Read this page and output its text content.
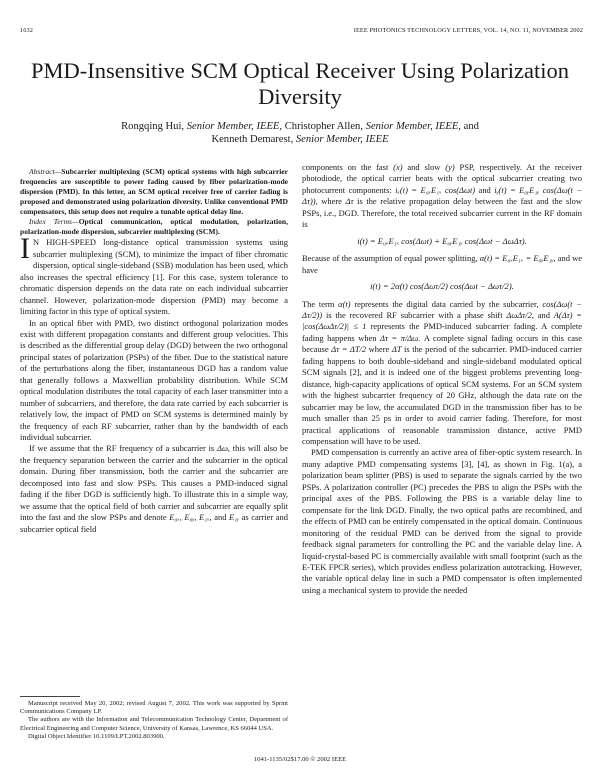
1632	IEEE PHOTONICS TECHNOLOGY LETTERS, VOL. 14, NO. 11, NOVEMBER 2002
PMD-Insensitive SCM Optical Receiver Using Polarization Diversity
Rongqing Hui, Senior Member, IEEE, Christopher Allen, Senior Member, IEEE, and
Kenneth Demarest, Senior Member, IEEE

Abstract—Subcarrier multiplexing (SCM) optical systems with high subcarrier frequencies are susceptible to power fading caused by fiber polarization-mode dispersion (PMD). In this letter, an SCM optical receiver free of carrier fading is proposed and demonstrated using polarization diversity. Unlike conventional PMD compensators, this setup does not require a tunable optical delay line.

Index Terms—Optical communication, optical modulation, polarization, polarization-mode dispersion, subcarrier multiplexing (SCM).

I N HIGH-SPEED long-distance optical transmission systems using subcarrier multiplexing (SCM), to minimize the impact of fiber chromatic dispersion, optical single-sideband (SSB) modulation has been used, which also increases the spectral efficiency [1]. For this case, system tolerance to chromatic dispersion depends on the data rate on each individual subcarrier channel. However, polarization-mode dispersion (PMD) may become a limiting factor in this type of optical system.

In an optical fiber with PMD, two distinct orthogonal polarization modes exist with different propagation constants and different group velocities. This is described as the differential group delay (DGD) between the two orthogonal principal states of polarization (PSPs) of the fiber. Due to the statistical nature of the perturbations along the fiber, instantaneous DGD has a random value that generally follows a Maxwellian probability distribution. While SCM optical modulation distributes the total capacity of each laser transmitter into a number of subcarriers, and therefore, the data rate carried by each subcarrier is relatively low, the impact of PMD on SCM systems is determined mainly by the frequency of each RF subcarrier, rather than by the bandwidth of each individual subcarrier.

If we assume that the RF frequency of a subcarrier is Δω, this will also be the frequency separation between the carrier and the subcarrier in the optical domain. During fiber transmission, both the carrier and the subcarrier are decomposed into fast and slow PSPs. This causes a PMD-induced signal fading if the fiber DGD is sufficiently high. To illustrate this in a simple way, we assume that the optical field of both carrier and subcarrier are equally split into the fast and the slow PSPs and denote E₀ₓ, E₀ᵧ, E₁ₓ, and E₁ᵧ as carrier and subcarrier optical field

Manuscript received May 20, 2002; revised August 7, 2002. This work was supported by Sprint Communications Company LP.

The authors are with the Information and Telecommunication Technology Center, Department of Electrical Engineering and Computer Science, University of Kansas, Lawrence, KS 66044 USA.

Digital Object Identifier 10.1109/LPT.2002.803900.

components on the fast (x) and slow (y) PSP, respectively. At the receiver photodiode, the optical carrier beats with the optical subcarrier creating two photocurrent components: iₓ(t) = E₀ₓE₁ₓ cos(Δωt) and iᵧ(t) = E₀ᵧE₁ᵧ cos(Δω(t − Δτ)), where Δτ is the relative propagation delay between the fast and the slow PSPs, i.e., DGD. Therefore, the total received subcarrier current in the RF domain is

i(t) = E₀ₓE₁ₓ cos(Δωt) + E₀ᵧE₁ᵧ cos(Δωt − ΔωΔτ).

Because of the assumption of equal power splitting, α(t) = E₀ₓE₁ₓ = E₀ᵧE₁ᵧ, and we have

i(t) = 2α(t) cos(Δωτ/2) cos(Δωt − Δωτ/2).

The term α(t) represents the digital data carried by the subcarrier, cos(Δω(t − Δτ/2)) is the recovered RF subcarrier with a phase shift ΔωΔτ/2, and A(Δτ) = |cos(ΔωΔτ/2)| ≤ 1 represents the PMD-induced subcarrier fading. A complete fading happens when Δτ = π/Δω. A complete signal fading occurs in this case because Δτ = ΔT/2 where ΔT is the period of the subcarrier. PMD-induced carrier fading happens to both double-sideband and single-sideband modulated optical SCM signals [2], and it is indeed one of the biggest problems preventing long-distance, high-capacity applications of optical SCM systems. For an SCM system with the highest subcarrier frequency of 20 GHz, although the data rate on the subcarrier may be low, the accumulated DGD in the transmission fiber has to be much smaller than 25 ps in order to avoid carrier fading. Therefore, for most practical applications of reasonable transmission distance, active PMD compensation will have to be used.

PMD compensation is currently an active area of fiber-optic system research. In many adaptive PMD compensating systems [3], [4], as shown in Fig. 1(a), a polarization beam splitter (PBS) is used to separate the signals carried by the two PSPs. A polarization controller (PC) precedes the PBS to align the PSPs with the principal axes of the PBS. Following the PBS is a variable delay line to compensate for the link DGD. Finally, the two optical paths are recombined, and the effects of PMD can be entirely compensated in the optical domain. Continuous monitoring of the residual PMD can be derived from the signal to provide feedback signal parameters for controlling the PC and the variable delay line. A liquid-crystal-based PC is commercially available with small footprint (such as the E-TEK FPCR series), which provides endless polarization autotracking. However, the variable optical delay line in such a PMD compensator is often implemented using a mechanical system to provide the needed

1041-1135/02$17.00 © 2002 IEEE
